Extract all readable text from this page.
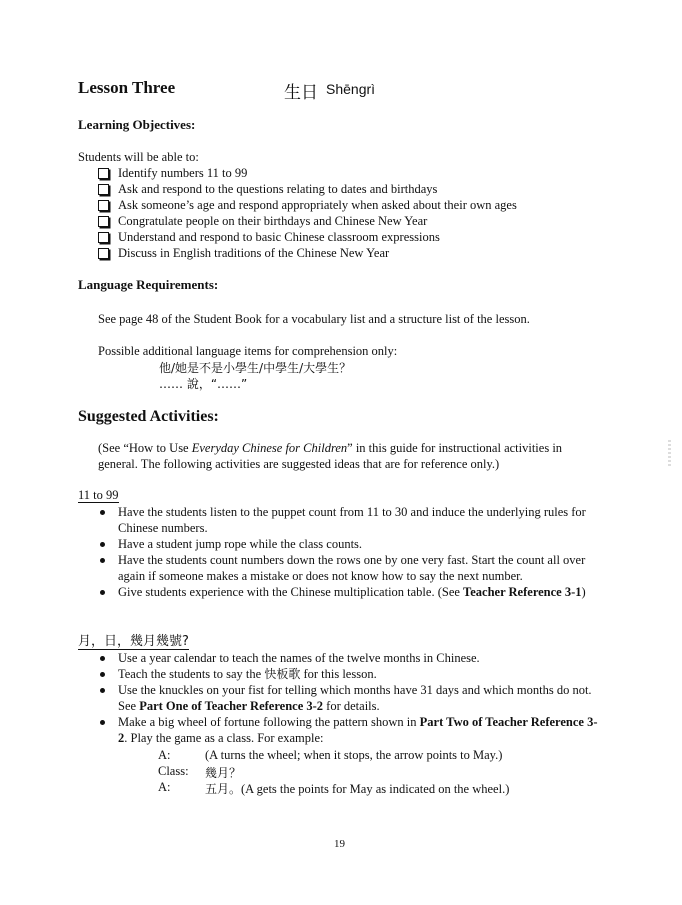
Lesson Three	生日 Shēngrì
Learning Objectives:
Students will be able to:
Identify numbers 11 to 99
Ask and respond to the questions relating to dates and birthdays
Ask someone’s age and respond appropriately when asked about their own ages
Congratulate people on their birthdays and Chinese New Year
Understand and respond to basic Chinese classroom expressions
Discuss in English traditions of the Chinese New Year
Language Requirements:
See page 48 of the Student Book for a vocabulary list and a structure list of the lesson.
Possible additional language items for comprehension only:
他/她是不是小學生/中學生/大學生？
…… 說，“……”
Suggested Activities:
(See “How to Use Everyday Chinese for Children” in this guide for instructional activities in
general. The following activities are suggested ideas that are for reference only.)
11 to 99
Have the students listen to the puppet count from 11 to 30 and induce the underlying rules for Chinese numbers.
Have a student jump rope while the class counts.
Have the students count numbers down the rows one by one very fast. Start the count all over again if someone makes a mistake or does not know how to say the next number.
Give students experience with the Chinese multiplication table. (See Teacher Reference 3-1)
月，日，幾月幾號?
Use a year calendar to teach the names of the twelve months in Chinese.
Teach the students to say the 快板歌 for this lesson.
Use the knuckles on your fist for telling which months have 31 days and which months do not. See Part One of Teacher Reference 3-2 for details.
Make a big wheel of fortune following the pattern shown in Part Two of Teacher Reference 3-2. Play the game as a class. For example:
A:	(A turns the wheel; when it stops, the arrow points to May.)
Class: 幾月？
A:	五月。(A gets the points for May as indicated on the wheel.)
19
